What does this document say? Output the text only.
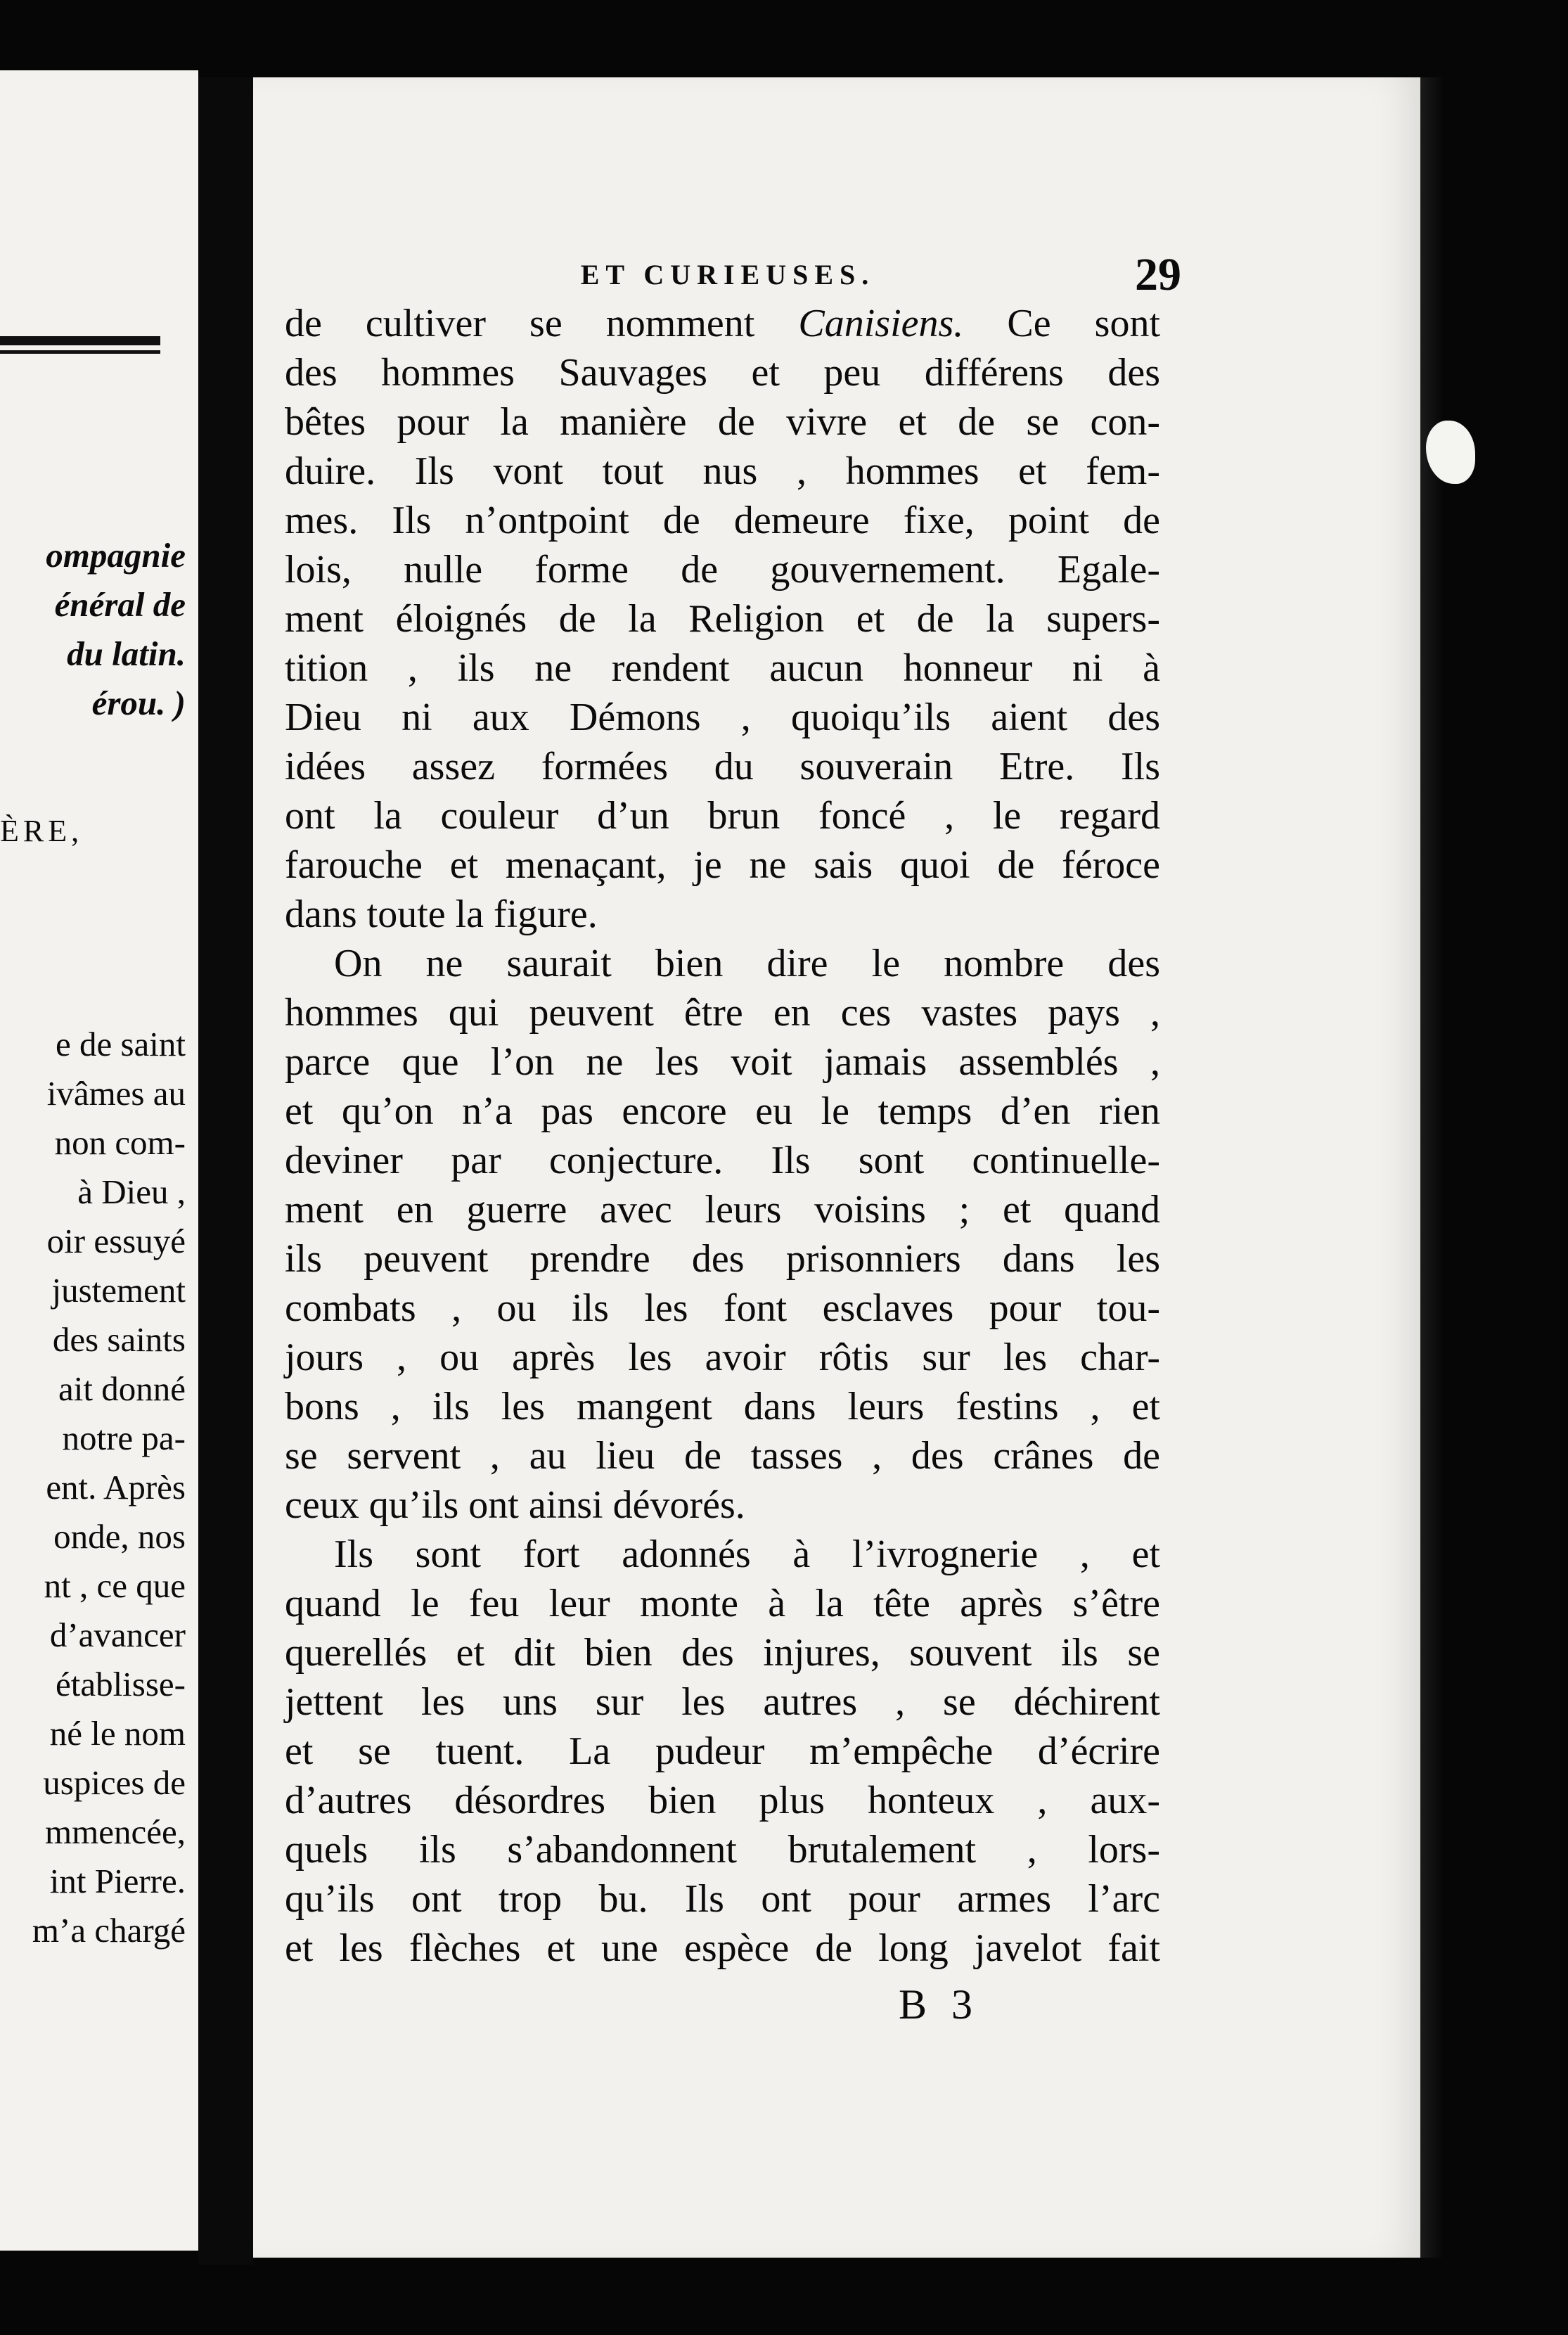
ompagnie
énéral de
du latin.
érou. )
ÈRE,
e de saint
ivâmes au
non com-
à Dieu ,
oir essuyé
justement
des saints
ait donné
notre pa-
ent. Après
onde, nos
nt , ce que
d’avancer
établisse-
né le nom
uspices de
mmencée,
int Pierre.
m’a chargé
ET CURIEUSES.	29
de cultiver se nomment Canisiens. Ce sont
des hommes Sauvages et peu différens des
bêtes pour la manière de vivre et de se con-
duire. Ils vont tout nus , hommes et fem-
mes. Ils n’ontpoint de demeure fixe, point de
lois, nulle forme de gouvernement. Egale-
ment éloignés de la Religion et de la supers-
tition , ils ne rendent aucun honneur ni à
Dieu ni aux Démons , quoiqu’ils aient des
idées assez formées du souverain Etre. Ils
ont la couleur d’un brun foncé , le regard
farouche et menaçant, je ne sais quoi de féroce
dans toute la figure.
On ne saurait bien dire le nombre des
hommes qui peuvent être en ces vastes pays ,
parce que l’on ne les voit jamais assemblés ,
et qu’on n’a pas encore eu le temps d’en rien
deviner par conjecture. Ils sont continuelle-
ment en guerre avec leurs voisins ; et quand
ils peuvent prendre des prisonniers dans les
combats , ou ils les font esclaves pour tou-
jours , ou après les avoir rôtis sur les char-
bons , ils les mangent dans leurs festins , et
se servent , au lieu de tasses , des crânes de
ceux qu’ils ont ainsi dévorés.
Ils sont fort adonnés à l’ivrognerie , et
quand le feu leur monte à la tête après s’être
querellés et dit bien des injures, souvent ils se
jettent les uns sur les autres , se déchirent
et se tuent. La pudeur m’empêche d’écrire
d’autres désordres bien plus honteux , aux-
quels ils s’abandonnent brutalement , lors-
qu’ils ont trop bu. Ils ont pour armes l’arc
et les flèches et une espèce de long javelot fait
B 3
